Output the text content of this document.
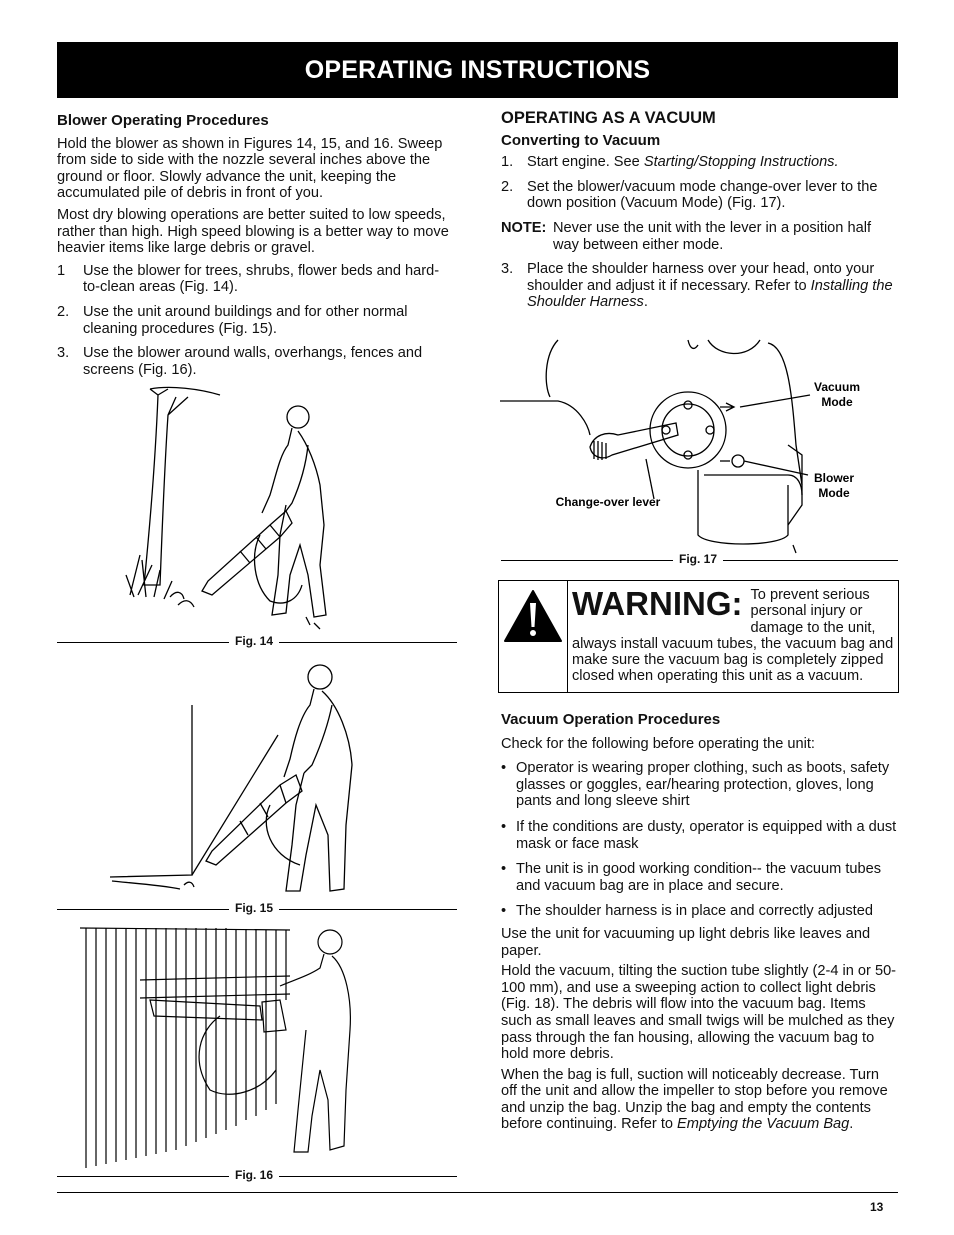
OPERATING INSTRUCTIONS
Blower Operating Procedures

Hold the blower as shown in Figures 14, 15, and 16. Sweep from side to side with the nozzle several inches above the ground or floor. Slowly advance the unit, keeping the accumulated pile of debris in front of you.

Most dry blowing operations are better suited to low speeds, rather than high. High speed blowing is a better way to move heavier items like large debris or gravel.

1	Use the blower for trees, shrubs, flower beds and hard-to-clean areas (Fig. 14).
2. Use the unit around buildings and for other normal cleaning procedures (Fig. 15).
3. Use the blower around walls, overhangs, fences and screens (Fig. 16).
Fig. 14
Fig. 15
Fig. 16
OPERATING AS A VACUUM
Converting to Vacuum
1. Start engine. See Starting/Stopping Instructions.
2. Set the blower/vacuum mode change-over lever to the down position (Vacuum Mode) (Fig. 17).
NOTE: Never use the unit with the lever in a position half way between either mode.
3. Place the shoulder harness over your head, onto your shoulder and adjust it if necessary. Refer to Installing the Shoulder Harness.
Vacuum
Mode
Blower
Mode
Change-over lever
Fig. 17
WARNING: To prevent serious personal injury or damage to the unit, always install vacuum tubes, the vacuum bag and make sure the vacuum bag is completely zipped closed when operating this unit as a vacuum.
Vacuum Operation Procedures

Check for the following before operating the unit:

• Operator is wearing proper clothing, such as boots, safety glasses or goggles, ear/hearing protection, gloves, long pants and long sleeve shirt
• If the conditions are dusty, operator is equipped with a dust mask or face mask
• The unit is in good working condition-- the vacuum tubes and vacuum bag are in place and secure.
• The shoulder harness is in place and correctly adjusted

Use the unit for vacuuming up light debris like leaves and paper.

Hold the vacuum, tilting the suction tube slightly (2-4 in or 50-100 mm), and use a sweeping action to collect light debris (Fig. 18). The debris will flow into the vacuum bag. Items such as small leaves and small twigs will be mulched as they pass through the fan housing, allowing the vacuum bag to hold more debris.

When the bag is full, suction will noticeably decrease. Turn off the unit and allow the impeller to stop before you remove and unzip the bag. Unzip the bag and empty the contents before continuing. Refer to Emptying the Vacuum Bag.

13
